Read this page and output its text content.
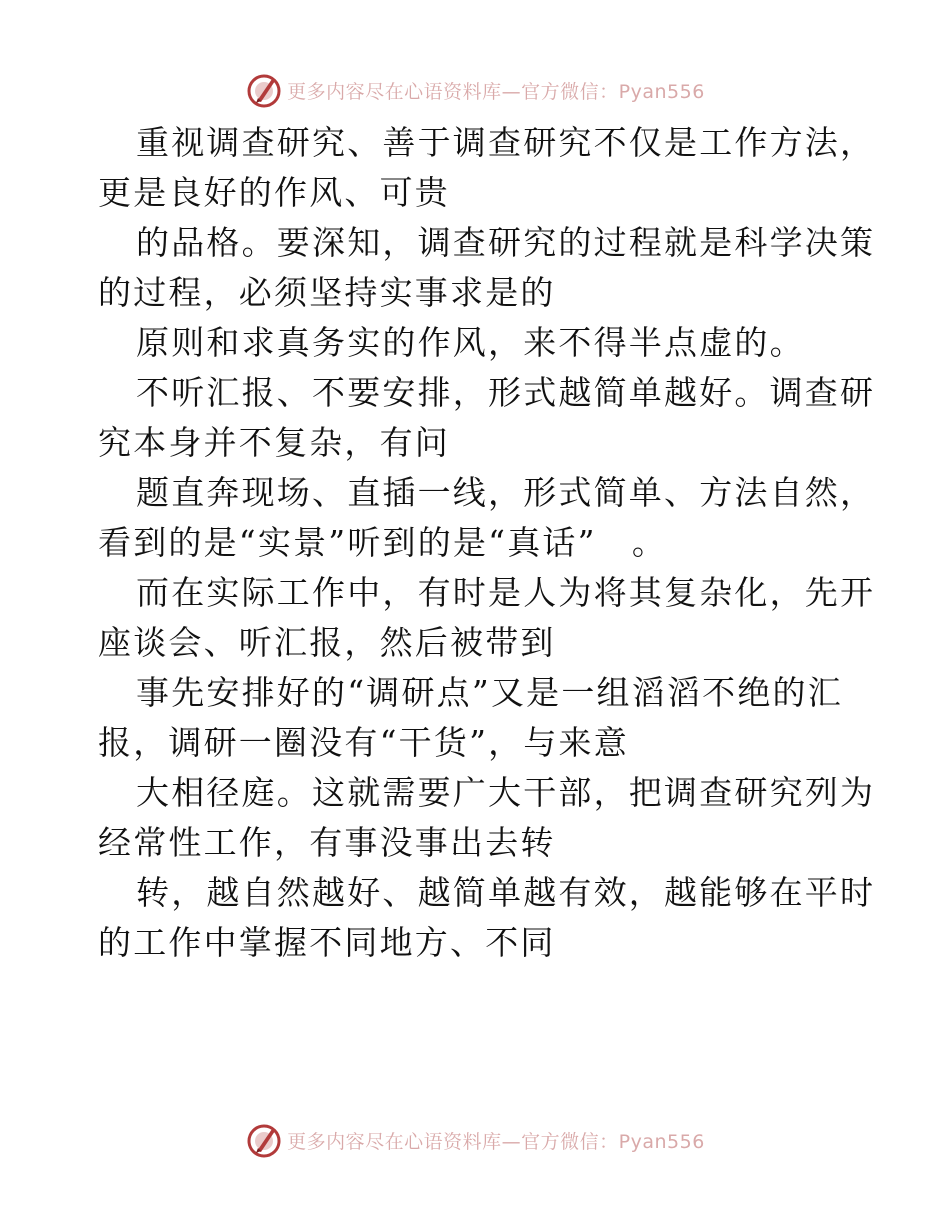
更多内容尽在心语资料库—官方微信：Pyan556

重视调查研究、善于调查研究不仅是工作方法，
更是良好的作风、可贵

的品格。要深知，调查研究的过程就是科学决策
的过程，必须坚持实事求是的

原则和求真务实的作风，来不得半点虚的。

不听汇报、不要安排，形式越简单越好。调查研
究本身并不复杂，有问

题直奔现场、直插一线，形式简单、方法自然，
看到的是“实景”听到的是“真话”　。

而在实际工作中，有时是人为将其复杂化，先开
座谈会、听汇报，然后被带到

事先安排好的“调研点”又是一组滔滔不绝的汇
报，调研一圈没有“干货”，与来意

大相径庭。这就需要广大干部，把调查研究列为
经常性工作，有事没事出去转

转，越自然越好、越简单越有效，越能够在平时
的工作中掌握不同地方、不同

更多内容尽在心语资料库—官方微信：Pyan556
